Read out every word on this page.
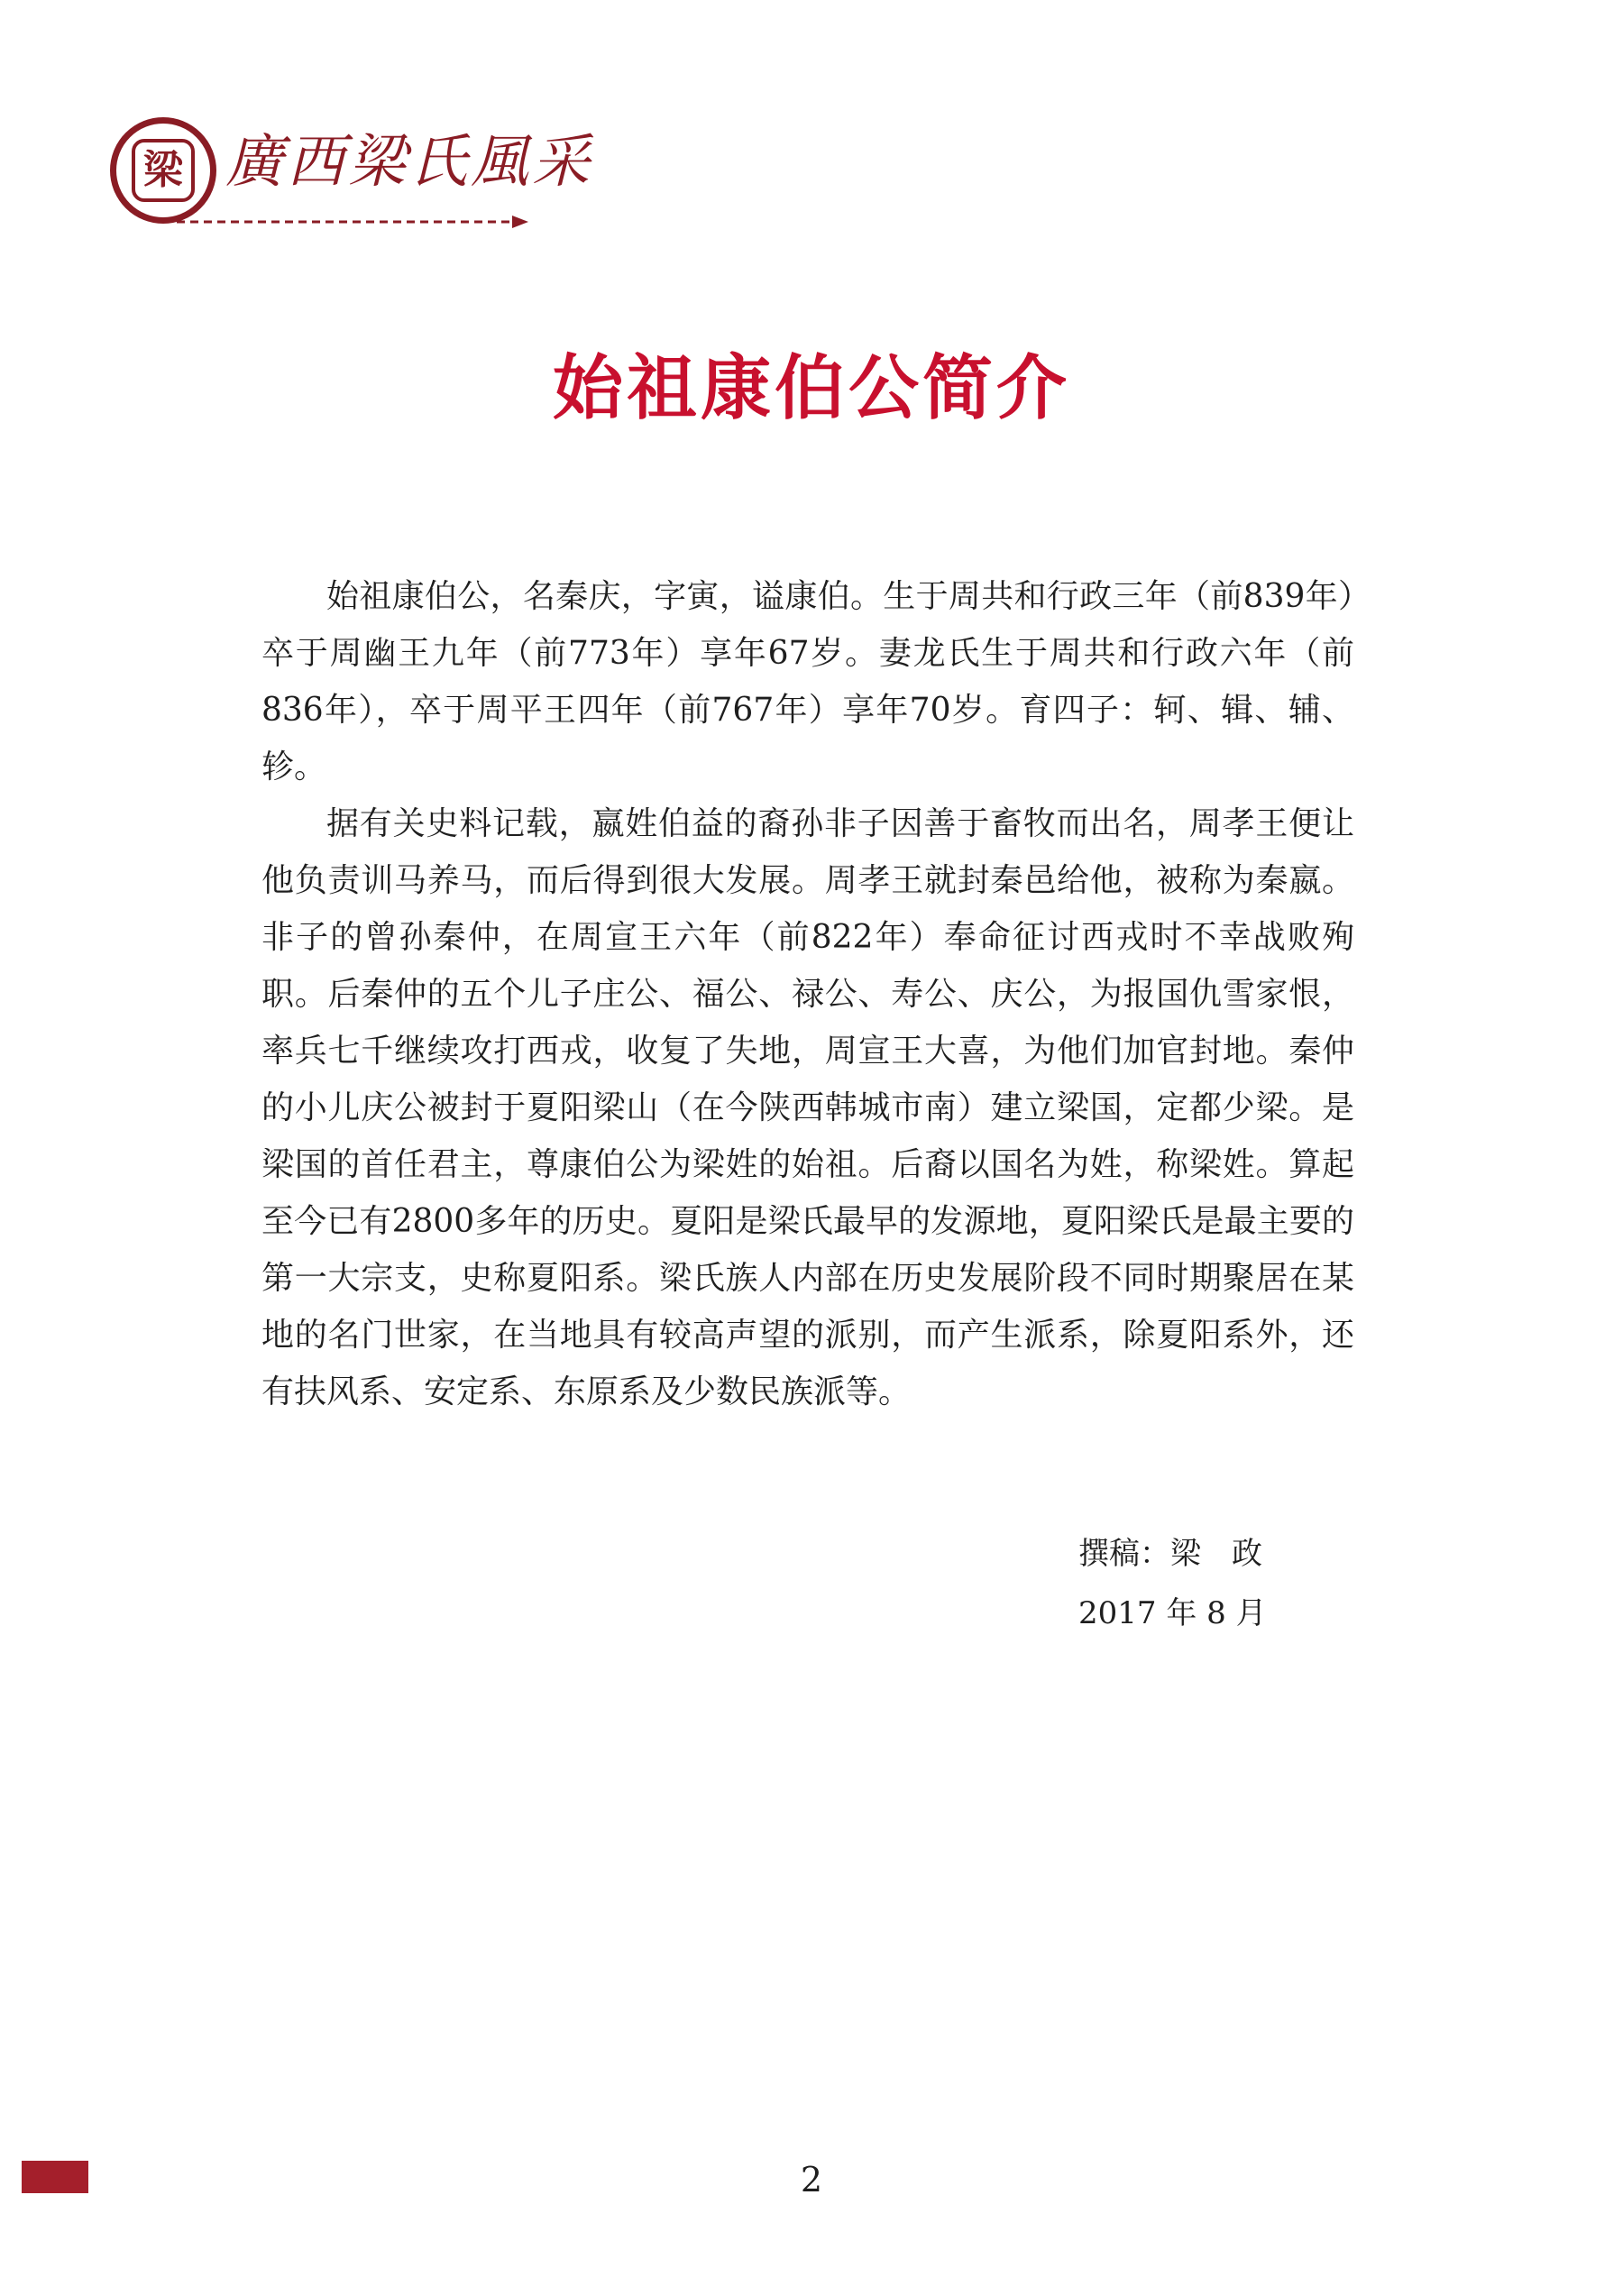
梁 廣西梁氏風采
始祖康伯公简介

始祖康伯公，名秦庆，字寅，谥康伯。生于周共和行政三年（前839年）卒于周幽王九年（前773年）享年67岁。妻龙氏生于周共和行政六年（前836年），卒于周平王四年（前767年）享年70岁。育四子：轲、辑、辅、轸。

据有关史料记载，嬴姓伯益的裔孙非子因善于畜牧而出名，周孝王便让他负责训马养马，而后得到很大发展。周孝王就封秦邑给他，被称为秦嬴。非子的曾孙秦仲，在周宣王六年（前822年）奉命征讨西戎时不幸战败殉职。后秦仲的五个儿子庄公、福公、禄公、寿公、庆公，为报国仇雪家恨，率兵七千继续攻打西戎，收复了失地，周宣王大喜，为他们加官封地。秦仲的小儿庆公被封于夏阳梁山（在今陕西韩城市南）建立梁国，定都少梁。是梁国的首任君主，尊康伯公为梁姓的始祖。后裔以国名为姓，称梁姓。算起至今已有2800多年的历史。夏阳是梁氏最早的发源地，夏阳梁氏是最主要的第一大宗支，史称夏阳系。梁氏族人内部在历史发展阶段不同时期聚居在某地的名门世家，在当地具有较高声望的派别，而产生派系，除夏阳系外，还有扶风系、安定系、东原系及少数民族派等。

撰稿：梁　政
2017 年 8 月
2
